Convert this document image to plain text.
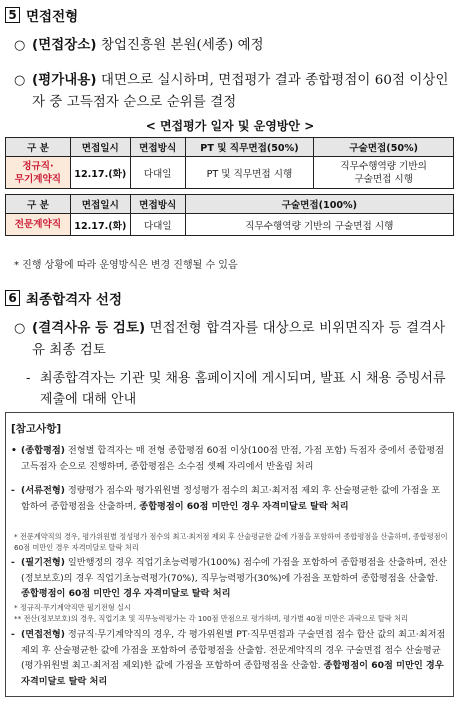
5 면접전형
○ (면접장소) 창업진흥원 본원(세종) 예정
○ (평가내용) 대면으로 실시하며, 면접평가 결과 종합평점이 60점 이상인 자 중 고득점자 순으로 순위를 결정
< 면접평가 일자 및 운영방안 >
구 분	면접일시	면접방식	PT 및 직무면접(50%)	구술면접(50%)
정규직·
무기계약직	12.17.(화)	다대일	PT 및 직무면접 시행	직무수행역량 기반의
구술면접 시행
구 분	면접일시	면접방식	구술면접(100%)
전문계약직	12.17.(화)	다대일	직무수행역량 기반의 구술면접 시행
* 진행 상황에 따라 운영방식은 변경 진행될 수 있음
6 최종합격자 선정
○ (결격사유 등 검토) 면접전형 합격자를 대상으로 비위면직자 등 결격사유 최종 검토
- 최종합격자는 기관 및 채용 홈페이지에 게시되며, 발표 시 채용 증빙서류 제출에 대해 안내
[참고사항]
• (종합평점) 전형별 합격자는 매 전형 종합평점 60점 이상(100점 만점, 가점 포함) 득점자 중에서 종합평점 고득점자 순으로 진행하며, 종합평점은 소수점 셋째 자리에서 반올림 처리
- (서류전형) 정량평가 점수와 평가위원별 정성평가 점수의 최고·최저점 제외 후 산술평균한 값에 가점을 포함하여 종합평점을 산출하며, 종합평점이 60점 미만인 경우 자격미달로 탈락 처리
* 전문계약직의 경우, 평가위원별 정성평가 점수의 최고·최저점 제외 후 산술평균한 값에 가점을 포함하여 종합평점을 산출하며, 종합평점이 60점 미만인 경우 자격미달로 탈락 처리
- (필기전형) 일반행정의 경우 직업기초능력평가(100%) 점수에 가점을 포함하여 종합평점을 산출하며, 전산(정보보호)의 경우 직업기초능력평가(70%), 직무능력평가(30%)에 가점을 포함하여 종합평점을 산출함. 종합평점이 60점 미만인 경우 자격미달로 탈락 처리
* 정규직·무기계약직만 필기전형 실시
** 전산(정보보호)의 경우, 직업기초 및 직무능력평가는 각 100점 만점으로 평가하며, 평가별 40점 미만은 과락으로 탈락 처리
- (면접전형) 정규직·무기계약직의 경우, 각 평가위원별 PT·직무면접과 구술면접 점수 합산 값의 최고·최저점 제외 후 산술평균한 값에 가점을 포함하여 종합평점을 산출함. 전문계약직의 경우 구술면접 점수 산술평균(평가위원별 최고·최저점 제외)한 값에 가점을 포함하여 종합평점을 산출함. 종합평점이 60점 미만인 경우 자격미달로 탈락 처리
